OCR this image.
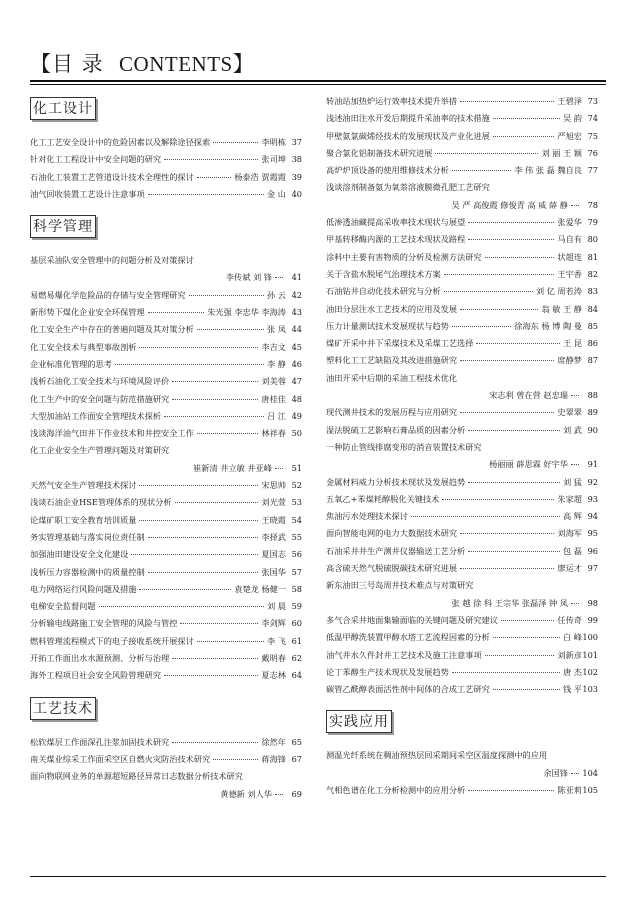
【目 录 CONTENTS】
化工设计

化工工艺安全设计中的危险因素以及解除途径探索	李明栋 37
针对化工工程设计中安全问题的研究	张司坤 38
石油化工装置工艺管道设计技术全理性的探讨	杨泰浩 贾霞霞 39
油气回收装置工艺设计注意事项	金 山 40
科学管理

基层采油队安全管理中的问题分析及对策探讨
李传斌 刘 锋	41
易燃易爆化学危险品的存储与安全管理研究	孙 云 42
新形势下煤化企业安全环保管理	朱光强 李忠华 李海涛 43
化工安全生产中存在的普遍问题及其对策分析	张 凤 44
化工安全技术与典型事故剖析	李吉文 45
企业标准化管理的思考	李 静 46
浅析石油化工安全技术与环境风险评价	刘美蓉 47
化工生产中的安全问题与防范措施研究	唐桂佳 48
大型加油站工作面安全管理技术探析	吕 江 49
浅谈海洋油气田井下作业技术和井控安全工作	林祥春 50
化工企业安全生产管理问题及对策研究
崔新清 井立敏 井亚峰	51
天然气安全生产管理技术探讨	宋思帅 52
浅谈石油企业HSE管理体系的现状分析	刘光萱 53
论煤矿职工安全教育培训质量	王晓霞 54
务实管理基础与落实岗位责任制	李择武 55
加强油田建设安全文化建设	夏国志 56
浅析压力容器检测中的质量控制	张国华 57
电力网络运行风险问题及措施	袁楚龙 杨健一 58
电梯安全监督问题	刘 晨 59
分析输电线路施工安全管理的风险与管控	李剑辉 60
燃料管理流程模式下的电子接收系统开展探讨	李 飞 61
开拓工作面出水水源预测、分析与治理	戴明春 62
海外工程项目社会安全风险管理研究	夏志林 64
工艺技术

松软煤层工作面深孔注浆加固技术研究	徐然年 65
南关煤业综采工作面采空区自燃火灾防治技术研究	蒋海锋 67
面向物联网业务的单源超短路径异常日志数据分析技术研究
黄德新 刘人华	69
转油站加热炉运行效率技术提升举措	王碧泽 73
浅述油田注水开发后期提升采油率的技术措施	吴 韵 74
甲壁氨氯碳烯烃技术的发展现状及产业化进展	严旭宏 75
聚合氯化铝制备技术研究进展	刘 丽 王 颖 76
高炉炉顶设备的使用维修技术分析	李 伟 张 磊 魏自良 77
浅谈溶剂制备氨为氧萘溶液膜微孔肥工艺研究
吴 严 高俊霞 修俊青 高 威 薛 静	78
低渗透油藏提高采收率技术现状与展望	张爱华 79
甲基转移酶内源的工艺技术现状及路程	马自有 80
涂料中主要有害物质的分析及检测方法研究	状超连 81
关于含盐水脱尾气治理技术方案	王宇香 82
石油钻井自动化技术研究与分析	刘 亿 周若涛 83
油田分层注水工艺技术的应用及发展	翁 敏 王 静 84
压力计量测试技术发展现状与趋势	徐海东 杨 博 陶 曼 85
煤矿开采中井下采煤技术及采煤工艺选择	王 昆 86
塑料化工工艺缺陷及其改进措施研究	席静梦 87
油田开采中后期的采油工程技术优化
宋志利 曾在营 赵忠瑞	88
现代测井技术的发展历程与应用研究	史翠翠 89
湿法脱硫工艺影响石膏品质的因素分析	刘 武 90
一种防止管线排腐变形的消音装置技术研究
杨丽丽 薛思霖 好宇华	91
金属材料威力分析技术现状及发展趋势	刘 猛 92
五氧乙+苯煤耗醇脱化关键技术	朱家超 93
焦油污水处理技术探讨	高 辉 94
面向智能电网的电力大数据技术研究	刘海军 95
石油采井井生产测井仪器输送工艺分析	包 磊 96
高含硫天然气脱硫脱碳技术研究进展	廖运才 97
新东油田三号岛周井技术难点与对策研究
张 越 徐 科 王宗华 张磊泽 钟 凤	98
多气合采井地面集输面临的关键问题及研究建议	任传奇 99
低温甲醇洗装置甲醇水塔工艺流程因素的分析	白 峰 100
油气井水久件封井工艺技术及施工注意事项	刘新彦 101
论丁苯醇生产技术现状及发展趋势	唐 杰 102
碳管乙酰醇表面活性剂中间体的合成工艺研究	钱 平 103
实践应用

测温光纤系统在稠油预热层回采期间采空区温度探测中的应用
余国锋 104
气相色谱在化工分析检测中的应用分析	陈亚莉 105
